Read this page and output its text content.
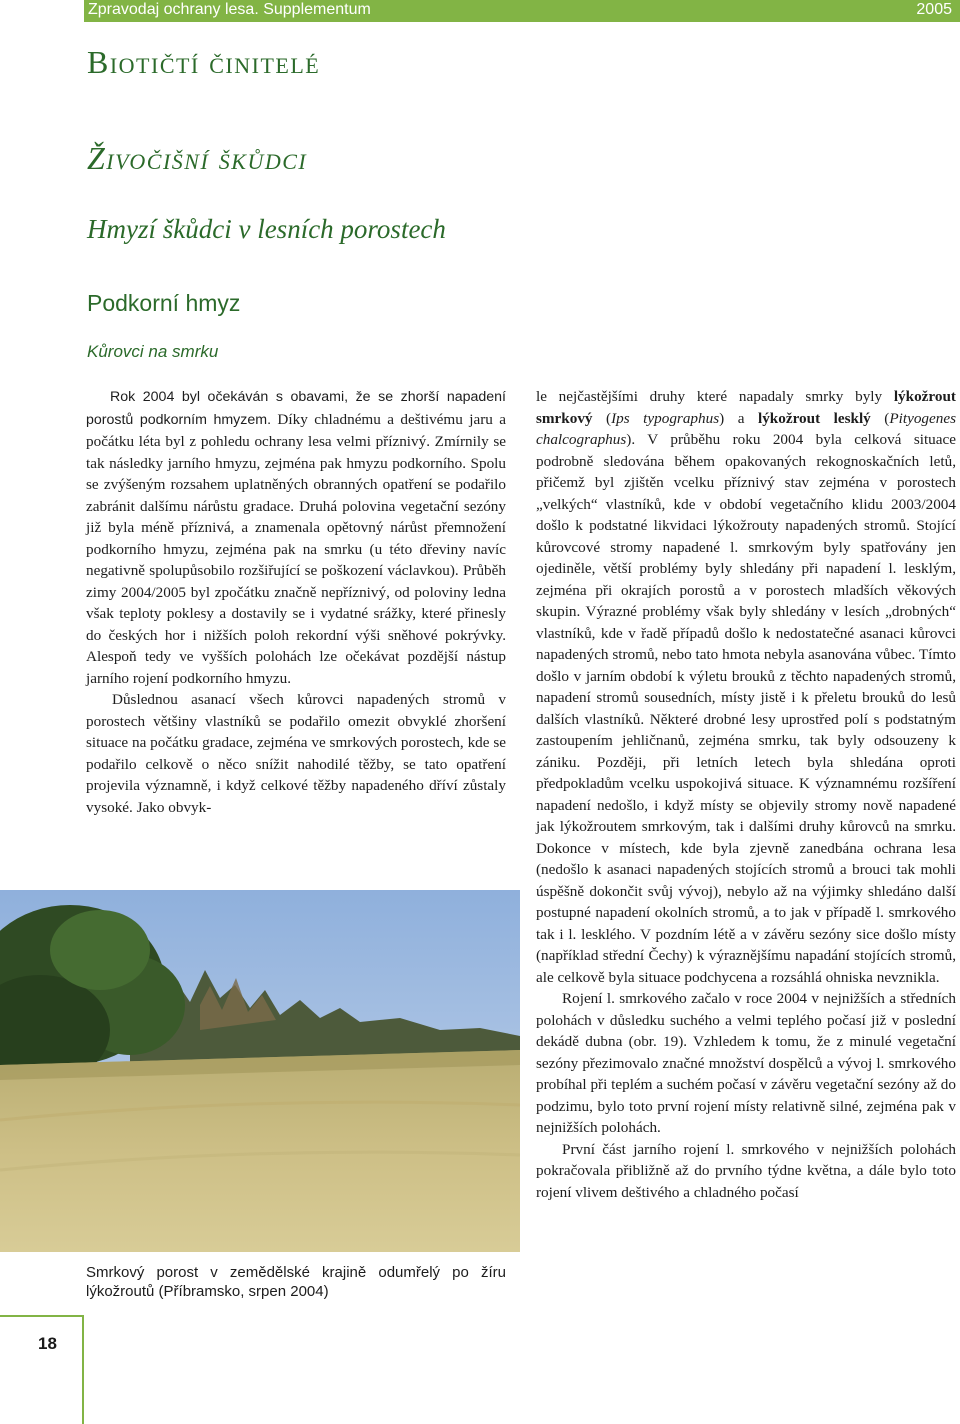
Zpravodaj ochrany lesa. Supplementum	2005
Biotičtí činitelé
Živočišní škůdci
Hmyzí škůdci v lesních porostech
Podkorní hmyz
Kůrovci na smrku

Rok 2004 byl očekáván s obavami, že se zhorší napadení porostů podkorním hmyzem. Díky chladnému a deštivému jaru a počátku léta byl z pohledu ochrany lesa velmi příznivý. Zmírnily se tak následky jarního hmyzu, zejména pak hmyzu podkorního. Spolu se zvýšeným rozsahem uplatněných obranných opatření se podařilo zabránit dalšímu nárůstu gradace. Druhá polovina vegetační sezóny již byla méně příznivá, a znamenala opětovný nárůst přemnožení podkorního hmyzu, zejména pak na smrku (u této dřeviny navíc negativně spolupůsobilo rozšiřující se poškození václavkou). Průběh zimy 2004/2005 byl zpočátku značně nepříznivý, od poloviny ledna však teploty poklesy a dostavily se i vydatné srážky, které přinesly do českých hor i nižších poloh rekordní výši sněhové pokrývky. Alespoň tedy ve vyšších polohách lze očekávat pozdější nástup jarního rojení podkorního hmyzu.

Důslednou asanací všech kůrovci napadených stromů v porostech většiny vlastníků se podařilo omezit obvyklé zhoršení situace na počátku gradace, zejména ve smrkových porostech, kde se podařilo celkově o něco snížit nahodilé těžby, se tato opatření projevila významně, i když celkové těžby napadeného dříví zůstaly vysoké. Jako obvyk-

le nejčastějšími druhy které napadaly smrky byly lýkožrout smrkový (Ips typographus) a lýkožrout lesklý (Pityogenes chalcographus). V průběhu roku 2004 byla celková situace podrobně sledována během opakovaných rekognoskačních letů, přičemž byl zjištěn vcelku příznivý stav zejména v porostech „velkých“ vlastníků, kde v období vegetačního klidu 2003/2004 došlo k podstatné likvidaci lýkožrouty napadených stromů. Stojící kůrovcové stromy napadené l. smrkovým byly spatřovány jen ojediněle, větší problémy byly shledány při napadení l. lesklým, zejména při okrajích porostů a v porostech mladších věkových skupin. Výrazné problémy však byly shledány v lesích „drobných“ vlastníků, kde v řadě případů došlo k nedostatečné asanaci kůrovci napadených stromů, nebo tato hmota nebyla asanována vůbec. Tímto došlo v jarním období k výletu brouků z těchto napadených stromů, napadení stromů sousedních, místy jistě i k přeletu brouků do lesů dalších vlastníků. Některé drobné lesy uprostřed polí s podstatným zastoupením jehličnanů, zejména smrku, tak byly odsouzeny k zániku. Později, při letních letech byla shledána oproti předpokladům vcelku uspokojivá situace. K významnému rozšíření napadení nedošlo, i když místy se objevily stromy nově napadené jak lýkožroutem smrkovým, tak i dalšími druhy kůrovců na smrku. Dokonce v místech, kde byla zjevně zanedbána ochrana lesa (nedošlo k asanaci napadených stojících stromů a brouci tak mohli úspěšně dokončit svůj vývoj), nebylo až na výjimky shledáno další postupné napadení okolních stromů, a to jak v případě l. smrkového tak i l. lesklého. V pozdním létě a v závěru sezóny sice došlo místy (například střední Čechy) k výraznějšímu napadání stojících stromů, ale celkově byla situace podchycena a rozsáhlá ohniska nevznikla.

Rojení l. smrkového začalo v roce 2004 v nejnižších a středních polohách v důsledku suchého a velmi teplého počasí již v poslední dekádě dubna (obr. 19). Vzhledem k tomu, že z minulé vegetační sezóny přezimovalo značné množství dospělců a vývoj l. smrkového probíhal při teplém a suchém počasí v závěru vegetační sezóny až do podzimu, bylo toto první rojení místy relativně silné, zejména pak v nejnižších polohách.

První část jarního rojení l. smrkového v nejnižších polohách pokračovala přibližně až do prvního týdne května, a dále bylo toto rojení vlivem deštivého a chladného počasí

Smrkový porost v zemědělské krajině odumřelý po žíru lýkožroutů (Příbramsko, srpen 2004)

18
